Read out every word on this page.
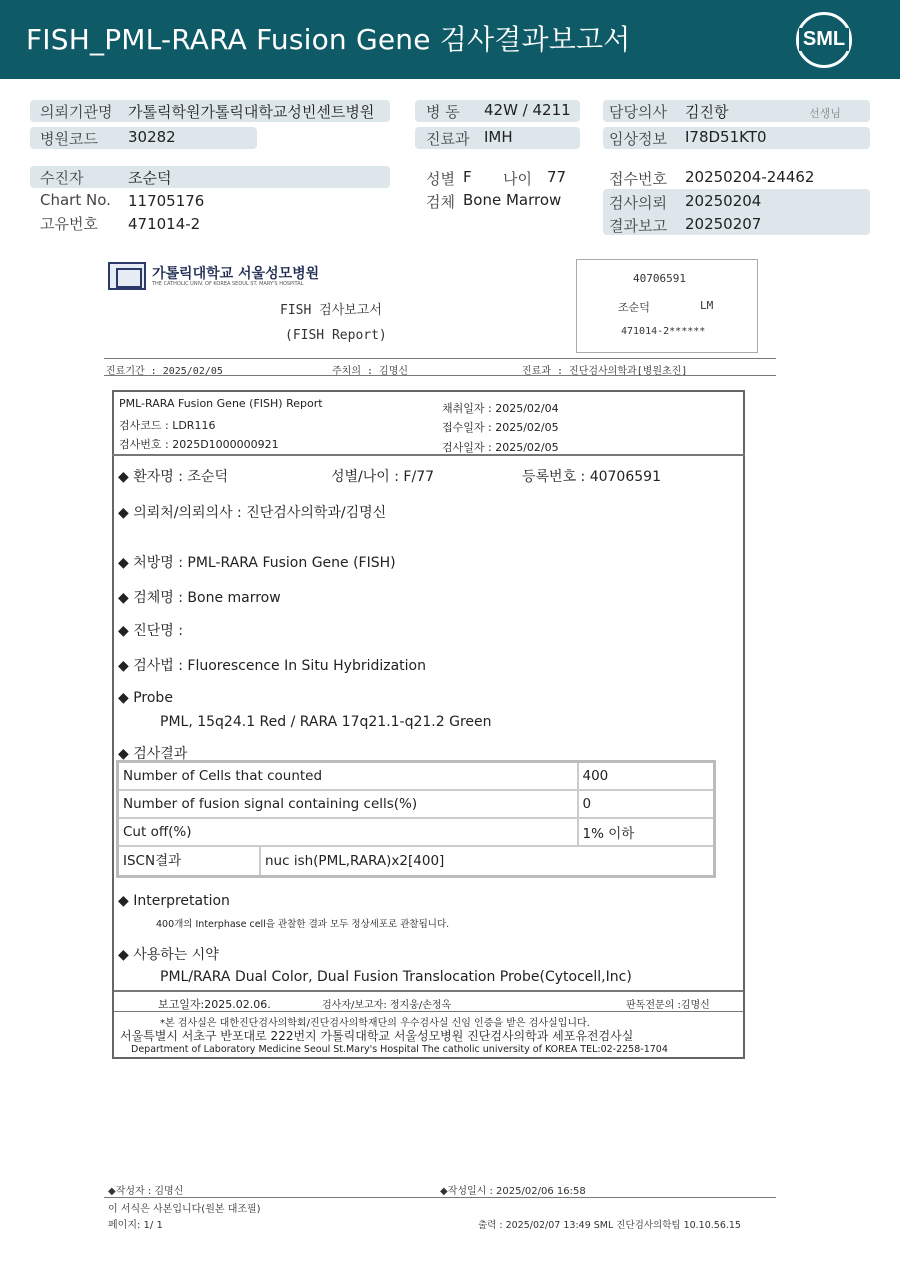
FISH_PML-RARA Fusion Gene 검사결과보고서	SML
의뢰기관명 가톨릭학원가톨릭대학교성빈센트병원	병 동 42W / 4211	담당의사 김진항	선생님
병원코드 30282	진료과 IMH	임상정보 I78D51KT0
수진자	조순덕	성별 F 나이 77	접수번호 20250204-24462
Chart No. 11705176	검체 Bone Marrow	검사의뢰 20250204
고유번호 471014-2	결과보고 20250207
가톨릭대학교 서울성모병원
THE CATHOLIC UNIV. OF KOREA SEOUL ST. MARY'S HOSPITAL
FISH 검사보고서
(FISH Report)
40706591
조순덕	LM
471014-2******
진료기간 : 2025/02/05	주치의 : 김명신	진료과 : 진단검사의학과[병원초진]
PML-RARA Fusion Gene (FISH) Report
검사코드 : LDR116
검사번호 : 2025D1000000921
채취일자 : 2025/02/04
접수일자 : 2025/02/05
검사일자 : 2025/02/05
◆ 환자명 : 조순덕	성별/나이 : F/77	등록번호 : 40706591
◆ 의뢰처/의뢰의사 : 진단검사의학과/김명신
◆ 처방명 : PML-RARA Fusion Gene (FISH)
◆ 검체명 : Bone marrow
◆ 진단명 :
◆ 검사법 : Fluorescence In Situ Hybridization
◆ Probe
PML, 15q24.1 Red / RARA 17q21.1-q21.2 Green
◆ 검사결과
Number of Cells that counted	400
Number of fusion signal containing cells(%)	0
Cut off(%)	1% 이하

ISCN결과 nuc ish(PML,RARA)x2[400]	
◆ Interpretation
400개의 Interphase cell을 관찰한 결과 모두 정상세포로 관찰됩니다.
◆ 사용하는 시약
PML/RARA Dual Color, Dual Fusion Translocation Probe(Cytocell,Inc)
보고일자:2025.02.06.	검사자/보고자: 정지웅/손정옥	판독전문의 :김명신
*본 검사실은 대한진단검사의학회/진단검사의학재단의 우수검사실 신임 인증을 받은 검사실입니다.
서울특별시 서초구 반포대로 222번지 가톨릭대학교 서울성모병원 진단검사의학과 세포유전검사실
Department of Laboratory Medicine Seoul St.Mary's Hospital The catholic university of KOREA TEL:02-2258-1704
◆작성자 : 김명신	◆작성일시 : 2025/02/06 16:58
이 서식은 사본입니다(원본 대조필)
페이지: 1/ 1	출력 : 2025/02/07 13:49 SML 진단검사의학팀 10.10.56.15
